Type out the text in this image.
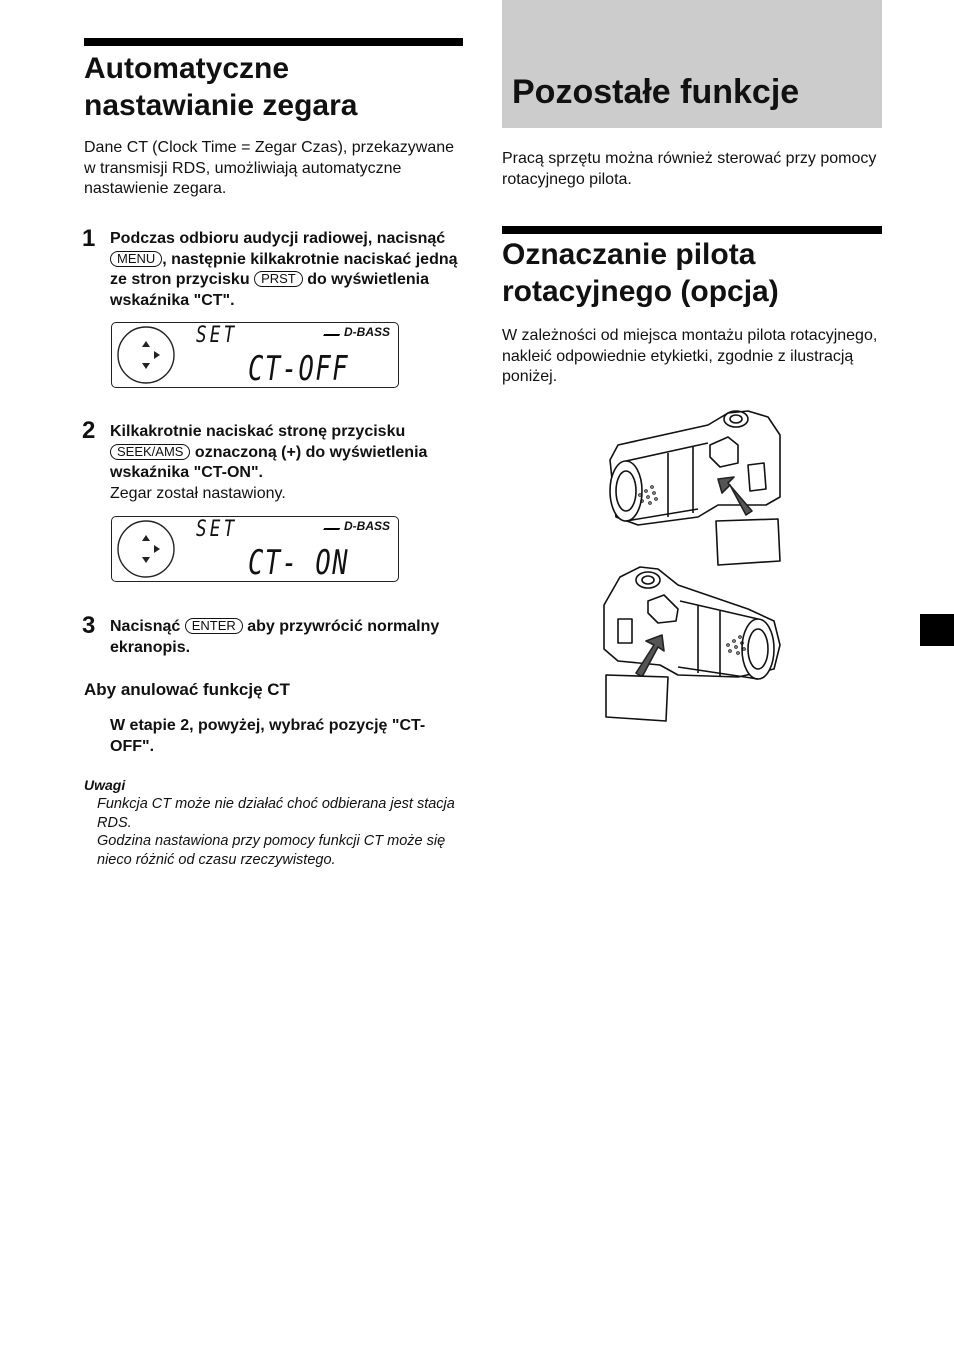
Automatyczne nastawianie zegara
Dane CT (Clock Time = Zegar Czas), przekazywane w transmisji RDS, umożliwiają automatyczne nastawienie zegara.
1 Podczas odbioru audycji radiowej, nacisnąć MENU , następnie kilkakrotnie naciskać jedną ze stron przycisku PRST do wyświetlenia wskaźnika "CT".
SET	D-BASS
CT-OFF
2 Kilkakrotnie naciskać stronę przycisku SEEK/AMS oznaczoną (+) do wyświetlenia wskaźnika "CT-ON".
Zegar został nastawiony.
SET	D-BASS
CT- ON
3 Nacisnąć ENTER aby przywrócić normalny ekranopis.
Aby anulować funkcję CT
W etapie 2, powyżej, wybrać pozycję "CT-OFF".
Uwagi
Funkcja CT może nie działać choć odbierana jest stacja RDS.
Godzina nastawiona przy pomocy funkcji CT może się nieco różnić od czasu rzeczywistego.
Pozostałe funkcje
Pracą sprzętu można również sterować przy pomocy rotacyjnego pilota.
Oznaczanie pilota rotacyjnego (opcja)
W zależności od miejsca montażu pilota rotacyjnego, nakleić odpowiednie etykietki, zgodnie z ilustracją poniżej.
